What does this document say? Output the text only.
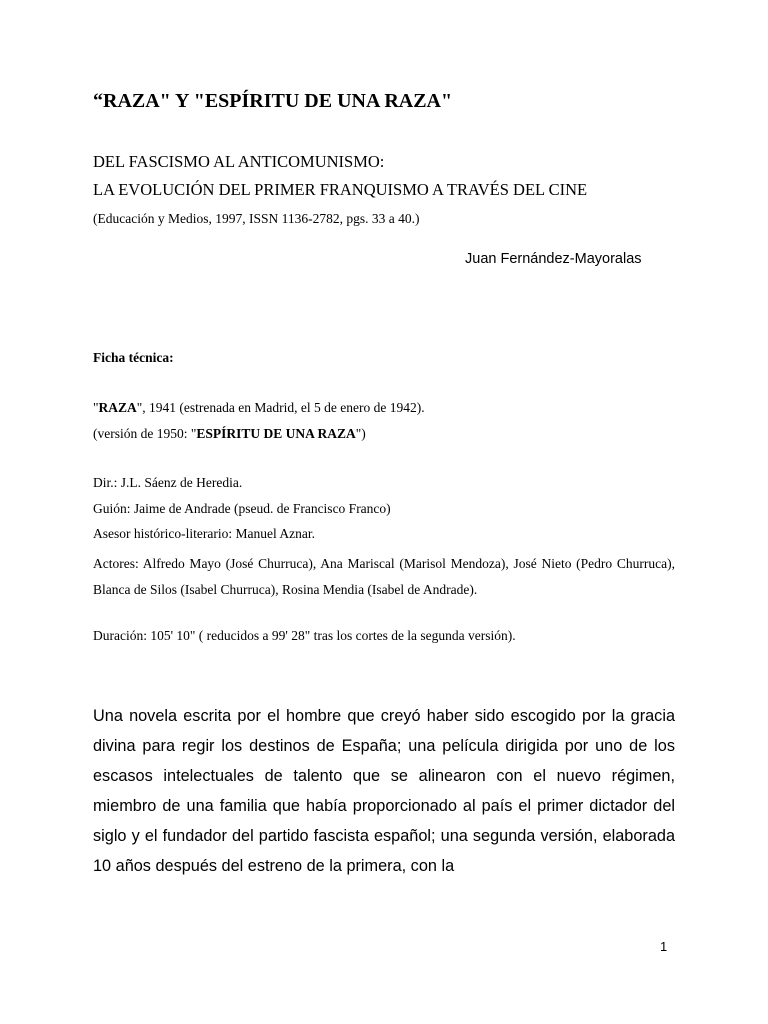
“RAZA" Y "ESPÍRITU DE UNA RAZA"

DEL FASCISMO AL ANTICOMUNISMO:

LA EVOLUCIÓN DEL PRIMER FRANQUISMO A TRAVÉS DEL CINE

(Educación y Medios, 1997, ISSN 1136-2782, pgs. 33 a 40.)

Juan Fernández-Mayoralas

Ficha técnica:

"RAZA", 1941 (estrenada en Madrid, el 5 de enero de 1942).

(versión de 1950: "ESPÍRITU DE UNA RAZA")

Dir.: J.L. Sáenz de Heredia.

Guión: Jaime de Andrade (pseud. de Francisco Franco)

Asesor histórico-literario: Manuel Aznar.

Actores: Alfredo Mayo (José Churruca), Ana Mariscal (Marisol Mendoza), José Nieto (Pedro Churruca), Blanca de Silos (Isabel Churruca), Rosina Mendia (Isabel de Andrade).

Duración: 105' 10" ( reducidos a 99' 28" tras los cortes de la segunda versión).

Una novela escrita por el hombre que creyó haber sido escogido por la gracia divina para regir los destinos de España; una película dirigida por uno de los escasos intelectuales de talento que se alinearon con el nuevo régimen, miembro de una familia que había proporcionado al país el primer dictador del siglo y el fundador del partido fascista español; una segunda versión, elaborada 10 años después del estreno de la primera, con la

1
